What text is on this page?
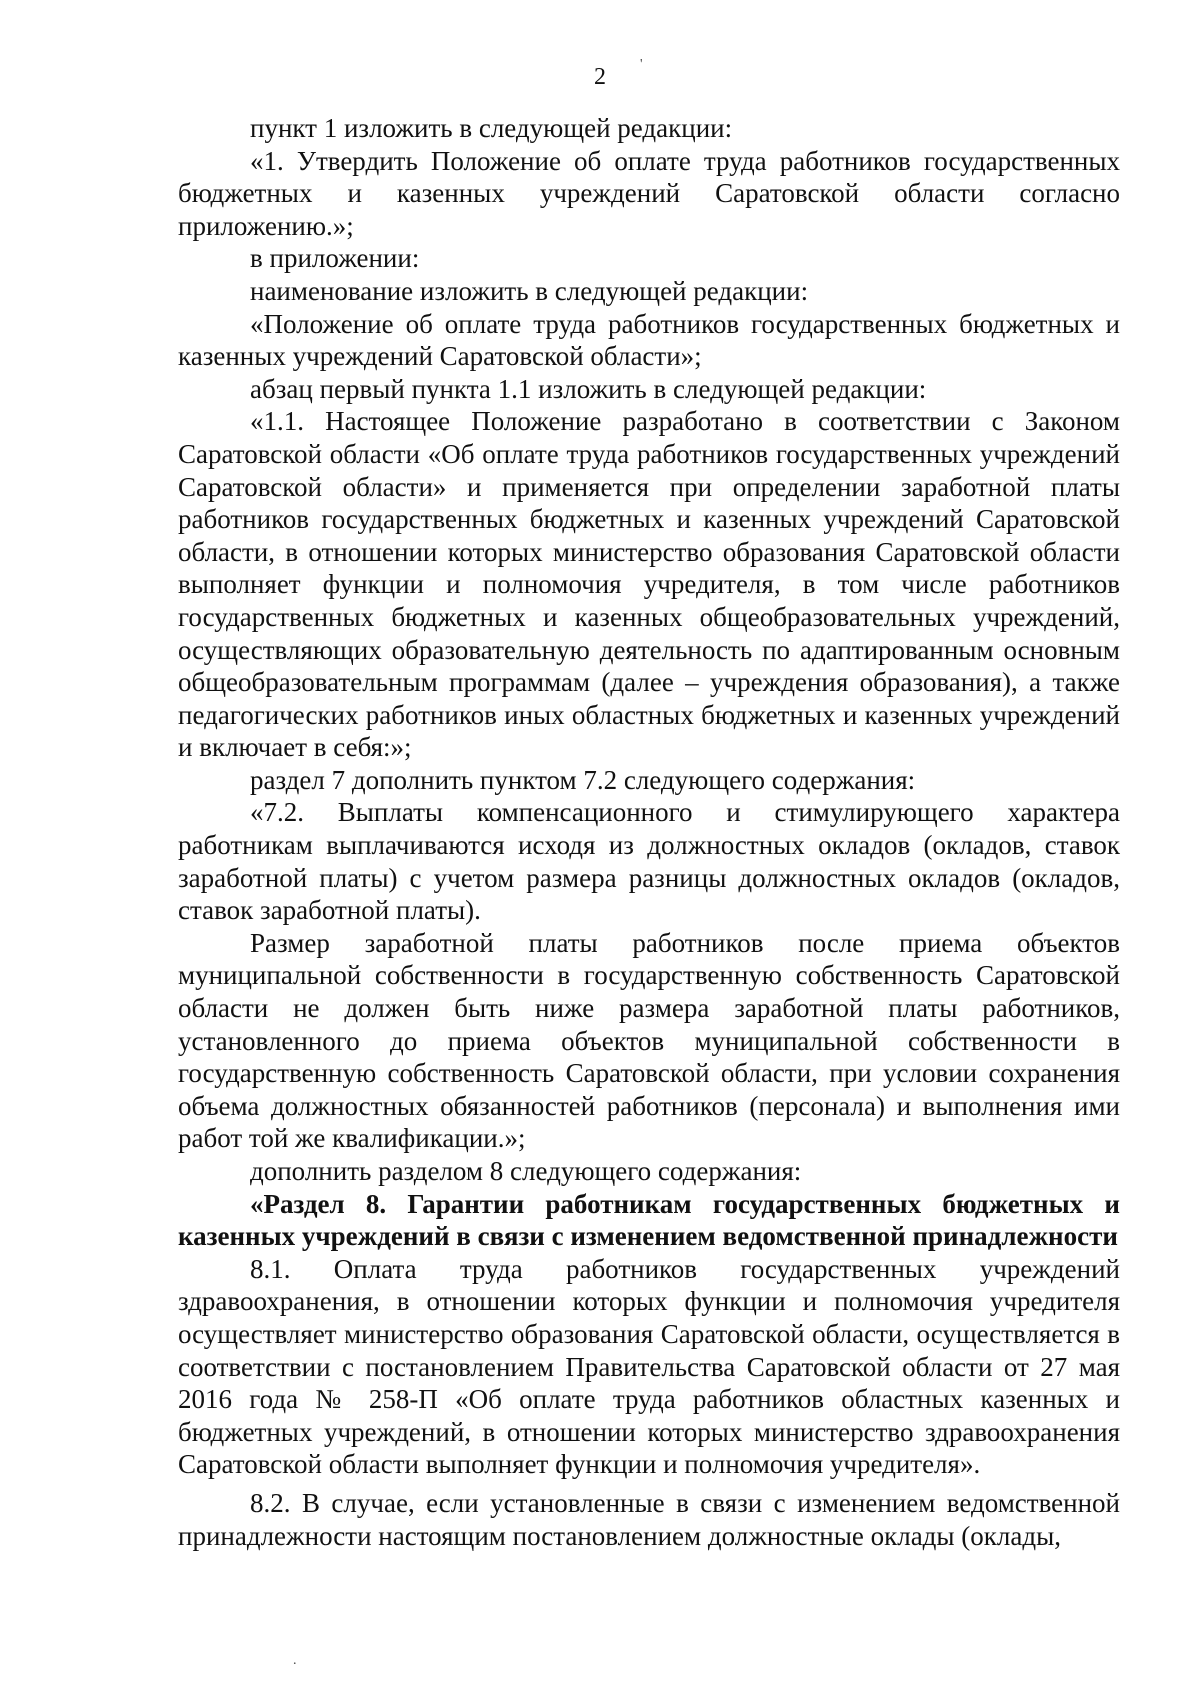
2

пункт 1 изложить в следующей редакции:

«1. Утвердить Положение об оплате труда работников государственных бюджетных и казенных учреждений Саратовской области согласно приложению.»;

в приложении:

наименование изложить в следующей редакции:

«Положение об оплате труда работников государственных бюджетных и казенных учреждений Саратовской области»;

абзац первый пункта 1.1 изложить в следующей редакции:

«1.1. Настоящее Положение разработано в соответствии с Законом Саратовской области «Об оплате труда работников государственных учреждений Саратовской области» и применяется при определении заработной платы работников государственных бюджетных и казенных учреждений Саратовской области, в отношении которых министерство образования Саратовской области выполняет функции и полномочия учредителя, в том числе работников государственных бюджетных и казенных общеобразовательных учреждений, осуществляющих образовательную деятельность по адаптированным основным общеобразовательным программам (далее – учреждения образования), а также педагогических работников иных областных бюджетных и казенных учреждений и включает в себя:»;

раздел 7 дополнить пунктом 7.2 следующего содержания:

«7.2. Выплаты компенсационного и стимулирующего характера работникам выплачиваются исходя из должностных окладов (окладов, ставок заработной платы) с учетом размера разницы должностных окладов (окладов, ставок заработной платы).

Размер заработной платы работников после приема объектов муниципальной собственности в государственную собственность Саратовской области не должен быть ниже размера заработной платы работников, установленного до приема объектов муниципальной собственности в государственную собственность Саратовской области, при условии сохранения объема должностных обязанностей работников (персонала) и выполнения ими работ той же квалификации.»;

дополнить разделом 8 следующего содержания:

«Раздел 8. Гарантии работникам государственных бюджетных и казенных учреждений в связи с изменением ведомственной принадлежности

8.1. Оплата труда работников государственных учреждений здравоохранения, в отношении которых функции и полномочия учредителя осуществляет министерство образования Саратовской области, осуществляется в соответствии с постановлением Правительства Саратовской области от 27 мая 2016 года № 258-П «Об оплате труда работников областных казенных и бюджетных учреждений, в отношении которых министерство здравоохранения Саратовской области выполняет функции и полномочия учредителя».

8.2. В случае, если установленные в связи с изменением ведомственной принадлежности настоящим постановлением должностные оклады (оклады,

'
.
